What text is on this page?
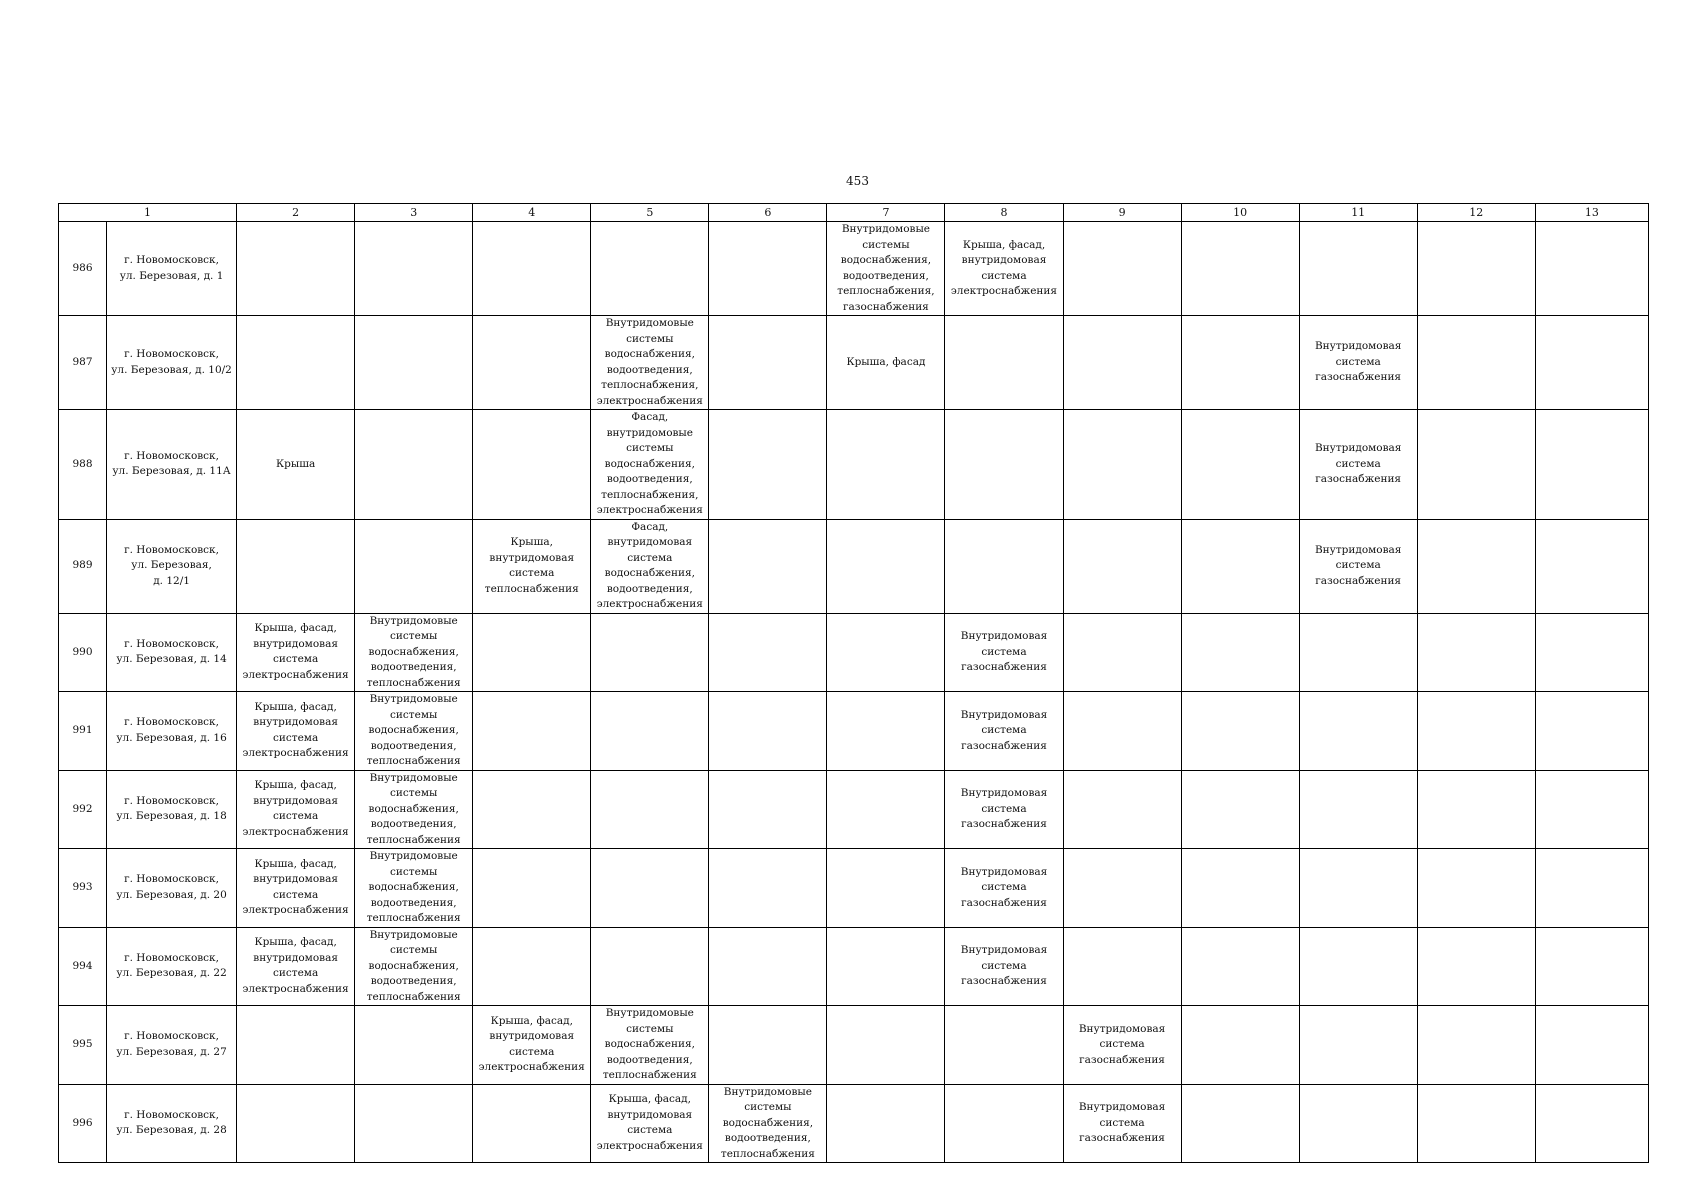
453
1		2	3	4	5	6	7	8	9	10	11	12	13
986	г. Новомосковск,
ул. Березовая, д. 1						Внутридомовые системы водоснабжения, водоотведения, теплоснабжения, газоснабжения	Крыша, фасад, внутридомовая система электроснабжения					

987	г. Новомосковск,
ул. Березовая, д. 10/2				Внутридомовые системы водоснабжения, водоотведения, теплоснабжения, электроснабжения		Крыша, фасад				Внутридомовая система газоснабжения		

988	г. Новомосковск,
ул. Березовая, д. 11А	Крыша			Фасад, внутридомовые системы водоснабжения, водоотведения, теплоснабжения, электроснабжения						Внутридомовая система газоснабжения		

989	г. Новомосковск,
ул. Березовая,
д. 12/1			Крыша, внутридомовая система теплоснабжения	Фасад, внутридомовая система водоснабжения, водоотведения, электроснабжения						Внутридомовая система газоснабжения		

990	г. Новомосковск,
ул. Березовая, д. 14	Крыша, фасад, внутридомовая система электроснабжения	Внутридомовые системы водоснабжения, водоотведения, теплоснабжения					Внутридомовая система газоснабжения					

991	г. Новомосковск,
ул. Березовая, д. 16	Крыша, фасад, внутридомовая система электроснабжения	Внутридомовые системы водоснабжения, водоотведения, теплоснабжения					Внутридомовая система газоснабжения					

992	г. Новомосковск,
ул. Березовая, д. 18	Крыша, фасад, внутридомовая система электроснабжения	Внутридомовые системы водоснабжения, водоотведения, теплоснабжения					Внутридомовая система газоснабжения					

993	г. Новомосковск,
ул. Березовая, д. 20	Крыша, фасад, внутридомовая система электроснабжения	Внутридомовые системы водоснабжения, водоотведения, теплоснабжения					Внутридомовая система газоснабжения					

994	г. Новомосковск,
ул. Березовая, д. 22	Крыша, фасад, внутридомовая система электроснабжения	Внутридомовые системы водоснабжения, водоотведения, теплоснабжения					Внутридомовая система газоснабжения					

995	г. Новомосковск,
ул. Березовая, д. 27			Крыша, фасад, внутридомовая система электроснабжения	Внутридомовые системы водоснабжения, водоотведения, теплоснабжения				Внутридомовая система газоснабжения				

996	г. Новомосковск,
ул. Березовая, д. 28				Крыша, фасад, внутридомовая система электроснабжения	Внутридомовые системы водоснабжения, водоотведения, теплоснабжения			Внутридомовая система газоснабжения				
